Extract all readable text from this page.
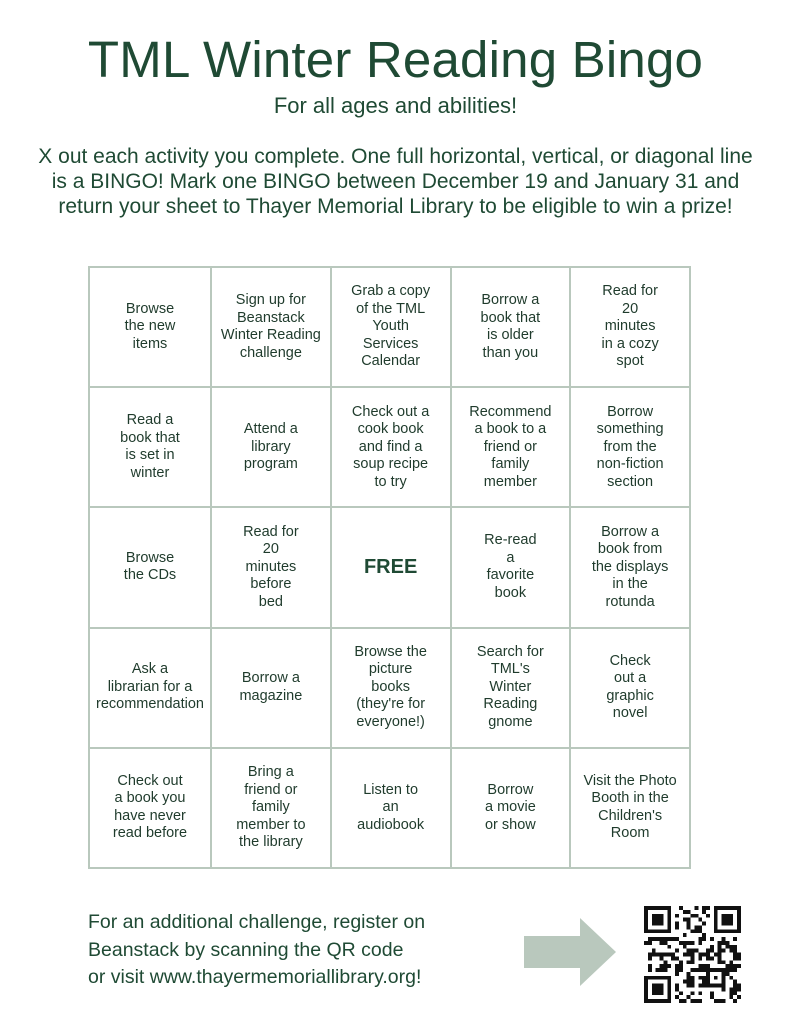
TML Winter Reading Bingo
For all ages and abilities!
X out each activity you complete. One full horizontal, vertical, or diagonal line is a BINGO! Mark one BINGO between December 19 and January 31 and return your sheet to Thayer Memorial Library to be eligible to win a prize!
Browse
the new
items
Sign up for
Beanstack
Winter Reading
challenge
Grab a copy
of the TML
Youth
Services
Calendar
Borrow a
book that
is older
than you
Read for
20
minutes
in a cozy
spot
Read a
book that
is set in
winter
Attend a
library
program
Check out a
cook book
and find a
soup recipe
to try
Recommend
a book to a
friend or
family
member
Borrow
something
from the
non-fiction
section
Browse
the CDs
Read for
20
minutes
before
bed
FREE
Re-read
a
favorite
book
Borrow a
book from
the displays
in the
rotunda
Ask a
librarian for a
recommendation
Borrow a
magazine
Browse the
picture
books
(they're for
everyone!)
Search for
TML's
Winter
Reading
gnome
Check
out a
graphic
novel
Check out
a book you
have never
read before
Bring a
friend or
family
member to
the library
Listen to
an
audiobook
Borrow
a movie
or show
Visit the Photo
Booth in the
Children's
Room
For an additional challenge, register on
Beanstack by scanning the QR code
or visit www.thayermemoriallibrary.org!
